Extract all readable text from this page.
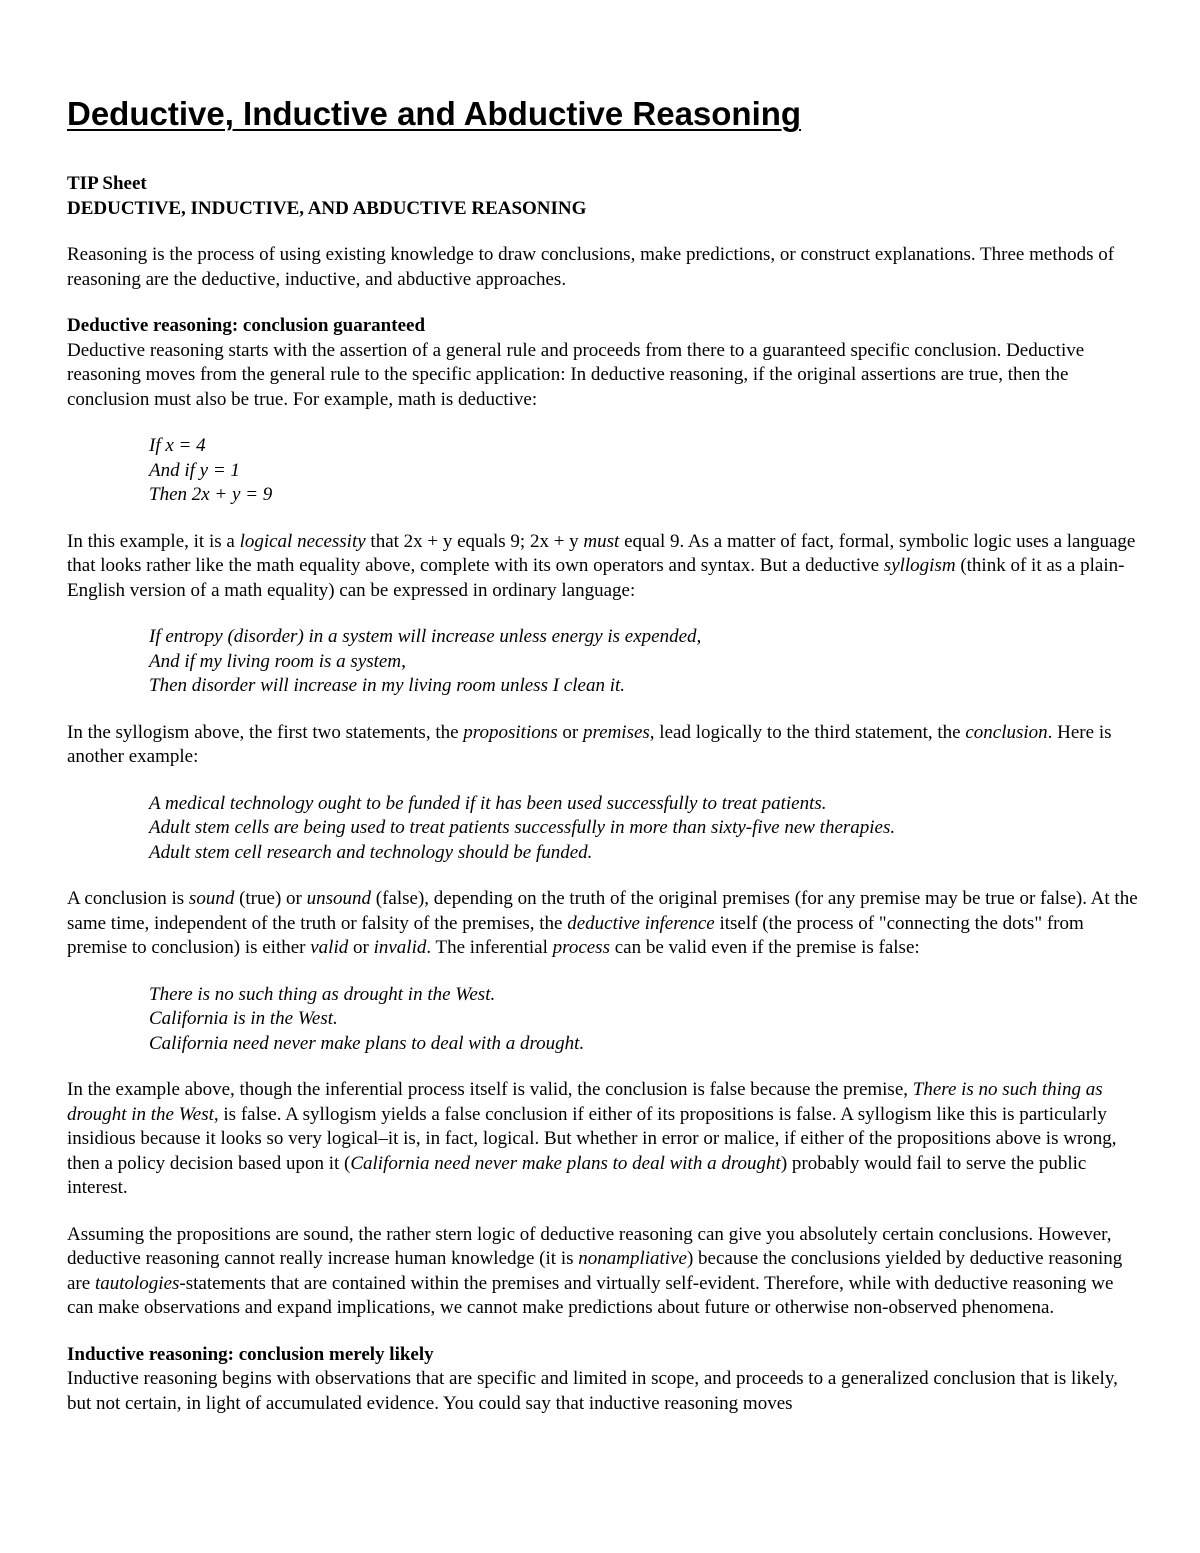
Deductive, Inductive and Abductive Reasoning
TIP Sheet
DEDUCTIVE, INDUCTIVE, AND ABDUCTIVE REASONING

Reasoning is the process of using existing knowledge to draw conclusions, make predictions, or construct explanations. Three methods of reasoning are the deductive, inductive, and abductive approaches.

Deductive reasoning: conclusion guaranteed

Deductive reasoning starts with the assertion of a general rule and proceeds from there to a guaranteed specific conclusion. Deductive reasoning moves from the general rule to the specific application: In deductive reasoning, if the original assertions are true, then the conclusion must also be true. For example, math is deductive:

If x = 4
And if y = 1
Then 2x + y = 9

In this example, it is a logical necessity that 2x + y equals 9; 2x + y must equal 9. As a matter of fact, formal, symbolic logic uses a language that looks rather like the math equality above, complete with its own operators and syntax. But a deductive syllogism (think of it as a plain-English version of a math equality) can be expressed in ordinary language:

If entropy (disorder) in a system will increase unless energy is expended,
And if my living room is a system,
Then disorder will increase in my living room unless I clean it.

In the syllogism above, the first two statements, the propositions or premises, lead logically to the third statement, the conclusion. Here is another example:

A medical technology ought to be funded if it has been used successfully to treat patients.
Adult stem cells are being used to treat patients successfully in more than sixty-five new therapies.
Adult stem cell research and technology should be funded.

A conclusion is sound (true) or unsound (false), depending on the truth of the original premises (for any premise may be true or false). At the same time, independent of the truth or falsity of the premises, the deductive inference itself (the process of "connecting the dots" from premise to conclusion) is either valid or invalid. The inferential process can be valid even if the premise is false:

There is no such thing as drought in the West.
California is in the West.
California need never make plans to deal with a drought.

In the example above, though the inferential process itself is valid, the conclusion is false because the premise, There is no such thing as drought in the West, is false. A syllogism yields a false conclusion if either of its propositions is false. A syllogism like this is particularly insidious because it looks so very logical–it is, in fact, logical. But whether in error or malice, if either of the propositions above is wrong, then a policy decision based upon it (California need never make plans to deal with a drought) probably would fail to serve the public interest.

Assuming the propositions are sound, the rather stern logic of deductive reasoning can give you absolutely certain conclusions. However, deductive reasoning cannot really increase human knowledge (it is nonampliative) because the conclusions yielded by deductive reasoning are tautologies-statements that are contained within the premises and virtually self-evident. Therefore, while with deductive reasoning we can make observations and expand implications, we cannot make predictions about future or otherwise non-observed phenomena.

Inductive reasoning: conclusion merely likely

Inductive reasoning begins with observations that are specific and limited in scope, and proceeds to a generalized conclusion that is likely, but not certain, in light of accumulated evidence. You could say that inductive reasoning moves
